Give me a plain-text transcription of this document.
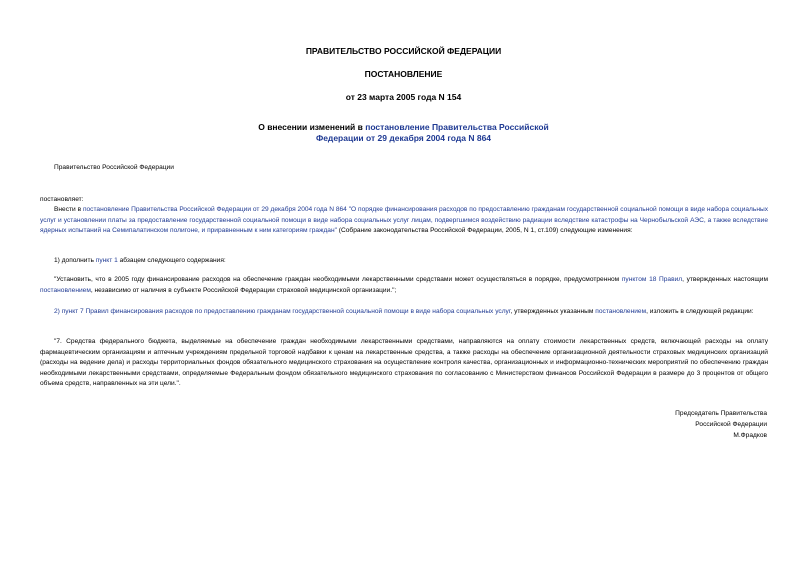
ПРАВИТЕЛЬСТВО РОССИЙСКОЙ ФЕДЕРАЦИИ
ПОСТАНОВЛЕНИЕ
от 23 марта 2005 года N 154
О внесении изменений в постановление Правительства Российской
Федерации от 29 декабря 2004 года N 864
Правительство Российской Федерации
постановляет:
Внести в постановление Правительства Российской Федерации от 29 декабря 2004 года N 864 "О порядке финансирования расходов по предоставлению гражданам государственной социальной помощи в виде набора социальных услуг и установлении платы за предоставление государственной социальной помощи в виде набора социальных услуг лицам, подвергшимся воздействию радиации вследствие катастрофы на Чернобыльской АЭС, а также вследствие ядерных испытаний на Семипалатинском полигоне, и приравненным к ним категориям граждан" (Собрание законодательства Российской Федерации, 2005, N 1, ст.109) следующие изменения:
1) дополнить пункт 1 абзацем следующего содержания:
"Установить, что в 2005 году финансирование расходов на обеспечение граждан необходимыми лекарственными средствами может осуществляться в порядке, предусмотренном пунктом 18 Правил, утвержденных настоящим постановлением, независимо от наличия в субъекте Российской Федерации страховой медицинской организации.";
2) пункт 7 Правил финансирования расходов по предоставлению гражданам государственной социальной помощи в виде набора социальных услуг, утвержденных указанным постановлением, изложить в следующей редакции:
"7. Средства федерального бюджета, выделяемые на обеспечение граждан необходимыми лекарственными средствами, направляются на оплату стоимости лекарственных средств, включающей расходы на оплату фармацевтическим организациям и аптечным учреждениям предельной торговой надбавки к ценам на лекарственные средства, а также расходы на обеспечение организационной деятельности страховых медицинских организаций (расходы на ведение дела) и расходы территориальных фондов обязательного медицинского страхования на осуществление контроля качества, организационных и информационно-технических мероприятий по обеспечению граждан необходимыми лекарственными средствами, определяемые Федеральным фондом обязательного медицинского страхования по согласованию с Министерством финансов Российской Федерации в размере до 3 процентов от общего объема средств, направленных на эти цели.".
Председатель Правительства
Российской Федерации
М.Фрадков
